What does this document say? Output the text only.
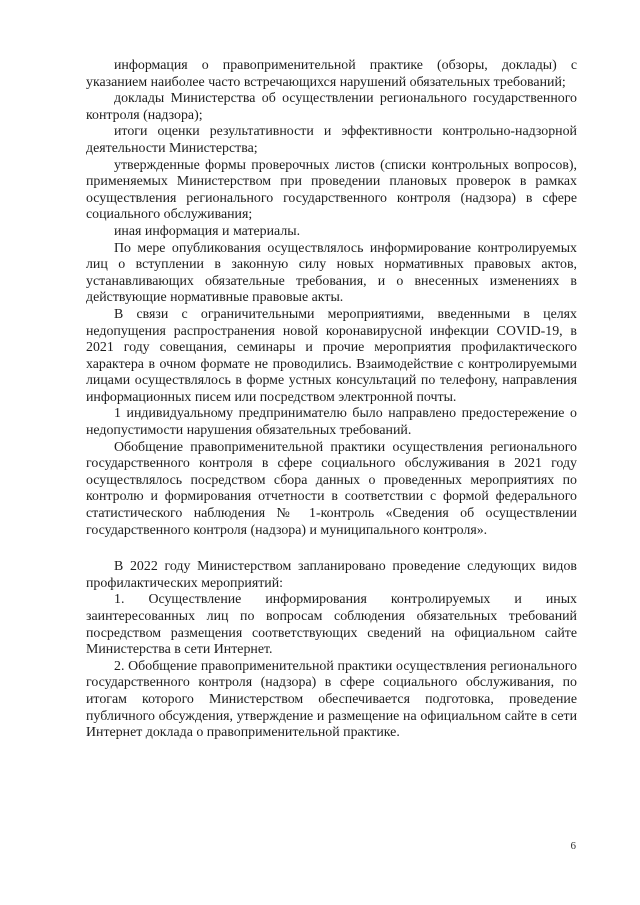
информация о правоприменительной практике (обзоры, доклады) с указанием наиболее часто встречающихся нарушений обязательных требований;

доклады Министерства об осуществлении регионального государственного контроля (надзора);

итоги оценки результативности и эффективности контрольно-надзорной деятельности Министерства;

утвержденные формы проверочных листов (списки контрольных вопросов), применяемых Министерством при проведении плановых проверок в рамках осуществления регионального государственного контроля (надзора) в сфере социального обслуживания;

иная информация и материалы.

По мере опубликования осуществлялось информирование контролируемых лиц о вступлении в законную силу новых нормативных правовых актов, устанавливающих обязательные требования, и о внесенных изменениях в действующие нормативные правовые акты.

В связи с ограничительными мероприятиями, введенными в целях недопущения распространения новой коронавирусной инфекции COVID-19, в 2021 году совещания, семинары и прочие мероприятия профилактического характера в очном формате не проводились. Взаимодействие с контролируемыми лицами осуществлялось в форме устных консультаций по телефону, направления информационных писем или посредством электронной почты.

1 индивидуальному предпринимателю было направлено предостережение о недопустимости нарушения обязательных требований.

Обобщение правоприменительной практики осуществления регионального государственного контроля в сфере социального обслуживания в 2021 году осуществлялось посредством сбора данных о проведенных мероприятиях по контролю и формирования отчетности в соответствии с формой федерального статистического наблюдения № 1-контроль «Сведения об осуществлении государственного контроля (надзора) и муниципального контроля».

В 2022 году Министерством запланировано проведение следующих видов профилактических мероприятий:

1. Осуществление информирования контролируемых и иных заинтересованных лиц по вопросам соблюдения обязательных требований посредством размещения соответствующих сведений на официальном сайте Министерства в сети Интернет.

2. Обобщение правоприменительной практики осуществления регионального государственного контроля (надзора) в сфере социального обслуживания, по итогам которого Министерством обеспечивается подготовка, проведение публичного обсуждения, утверждение и размещение на официальном сайте в сети Интернет доклада о правоприменительной практике.

6
